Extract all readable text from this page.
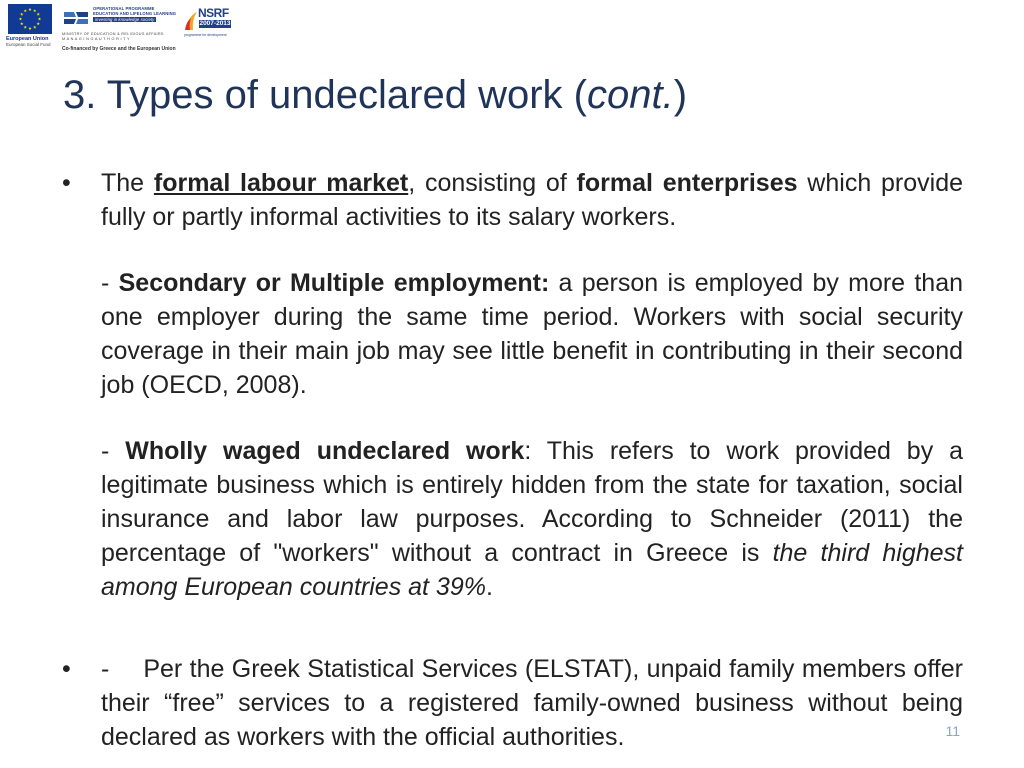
European Union
European Social Fund
OPERATIONAL PROGRAMME
EDUCATION AND LIFELONG LEARNING
investing in knowledge society
MINISTRY OF EDUCATION & RELIGIOUS AFFAIRS
M A N A G I N G A U T H O R I T Y
NSRF
2007-2013
programme for development
Co-financed by Greece and the European Union
3. Types of undeclared work (cont.)
• The formal labour market, consisting of formal enterprises which provide fully or partly informal activities to its salary workers.

- Secondary or Multiple employment: a person is employed by more than one employer during the same time period. Workers with social security coverage in their main job may see little benefit in contributing in their second job (OECD, 2008).

- Wholly waged undeclared work: This refers to work provided by a legitimate business which is entirely hidden from the state for taxation, social insurance and labor law purposes. According to Schneider (2011) the percentage of "workers" without a contract in Greece is the third highest among European countries at 39%.

• - Per the Greek Statistical Services (ELSTAT), unpaid family members offer their “free” services to a registered family-owned business without being declared as workers with the official authorities.	11
